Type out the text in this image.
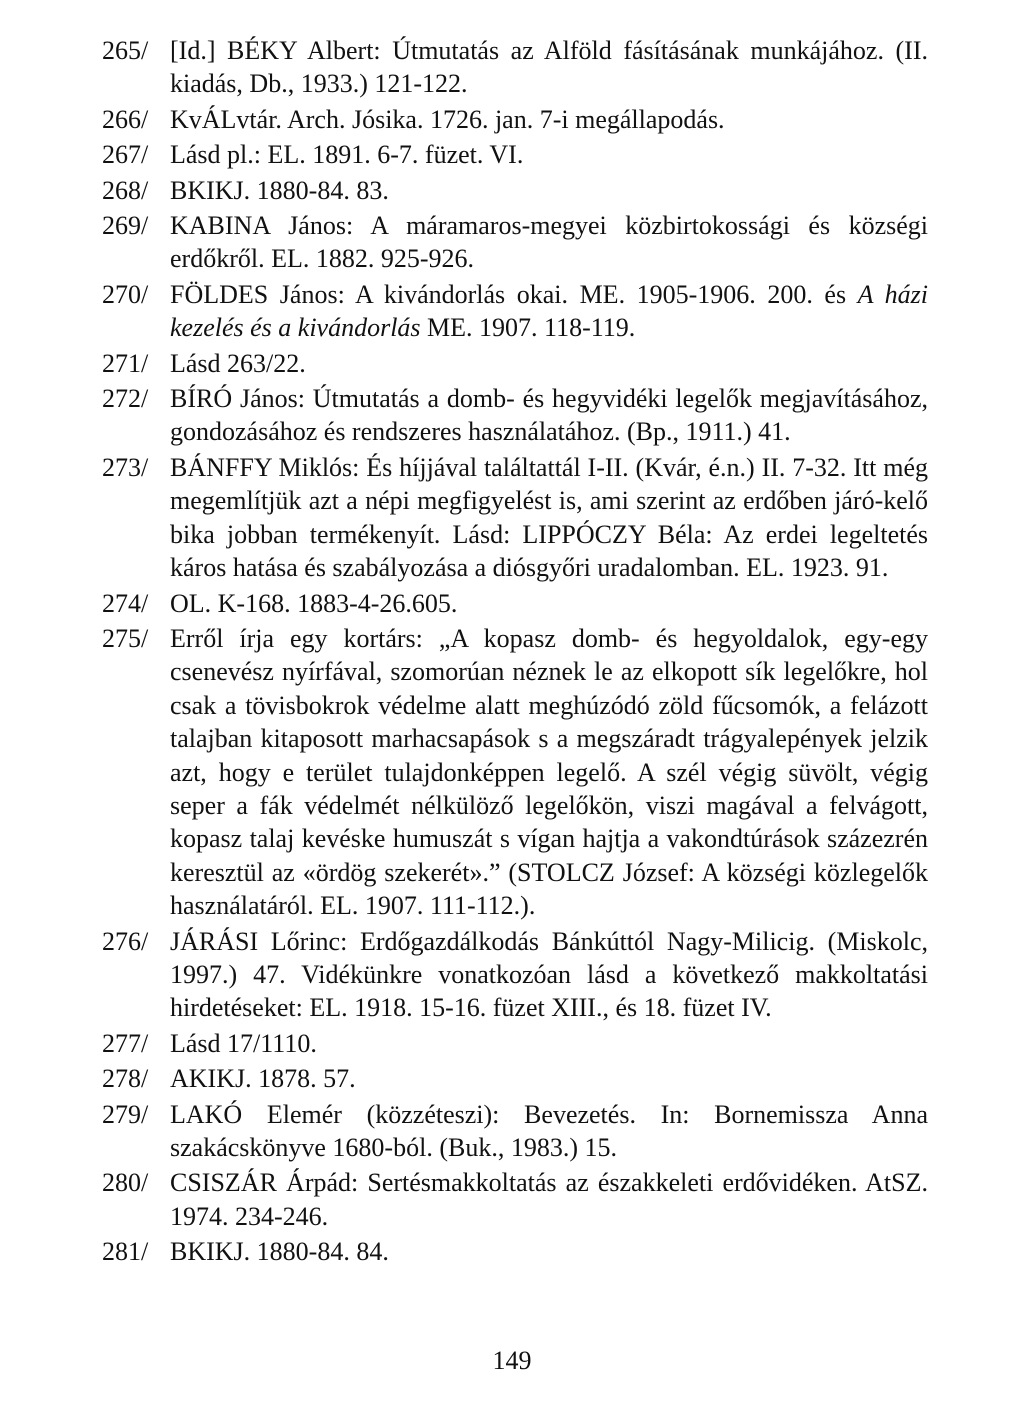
265/ [Id.] BÉKY Albert: Útmutatás az Alföld fásításának munkájához. (II. kiadás, Db., 1933.) 121-122.
266/ KvÁLvtár. Arch. Jósika. 1726. jan. 7-i megállapodás.
267/ Lásd pl.: EL. 1891. 6-7. füzet. VI.
268/ BKIKJ. 1880-84. 83.
269/ KABINA János: A máramaros-megyei közbirtokossági és községi erdőkről. EL. 1882. 925-926.
270/ FÖLDES János: A kivándorlás okai. ME. 1905-1906. 200. és A házi kezelés és a kivándorlás ME. 1907. 118-119.
271/ Lásd 263/22.
272/ BÍRÓ János: Útmutatás a domb- és hegyvidéki legelők megjavításához, gondozásához és rendszeres használatához. (Bp., 1911.) 41.
273/ BÁNFFY Miklós: És híjjával találtattál I-II. (Kvár, é.n.) II. 7-32. Itt még megemlítjük azt a népi megfigyelést is, ami szerint az erdőben járó-kelő bika jobban termékenyít. Lásd: LIPPÓCZY Béla: Az erdei legeltetés káros hatása és szabályozása a diósgyőri uradalomban. EL. 1923. 91.
274/ OL. K-168. 1883-4-26.605.
275/ Erről írja egy kortárs: „A kopasz domb- és hegyoldalok, egy-egy csenevész nyírfával, szomorúan néznek le az elkopott sík legelőkre, hol csak a tövisbokrok védelme alatt meghúzódó zöld fűcsomók, a felázott talajban kitaposott marhacsapások s a megszáradt trágyalepények jelzik azt, hogy e terület tulajdonképpen legelő. A szél végig süvölt, végig seper a fák védelmét nélkülöző legelőkön, viszi magával a felvágott, kopasz talaj kevéske humuszát s vígan hajtja a vakondtúrások százezrén keresztül az «ördög szekerét».” (STOLCZ József: A községi közlegelők használatáról. EL. 1907. 111-112.).
276/ JÁRÁSI Lőrinc: Erdőgazdálkodás Bánkúttól Nagy-Milicig. (Miskolc, 1997.) 47. Vidékünkre vonatkozóan lásd a következő makkoltatási hirdetéseket: EL. 1918. 15-16. füzet XIII., és 18. füzet IV.
277/ Lásd 17/1110.
278/ AKIKJ. 1878. 57.
279/ LAKÓ Elemér (közzéteszi): Bevezetés. In: Bornemissza Anna szakácskönyve 1680-ból. (Buk., 1983.) 15.
280/ CSISZÁR Árpád: Sertésmakkoltatás az északkeleti erdővidéken. AtSZ. 1974. 234-246.
281/ BKIKJ. 1880-84. 84.
149
